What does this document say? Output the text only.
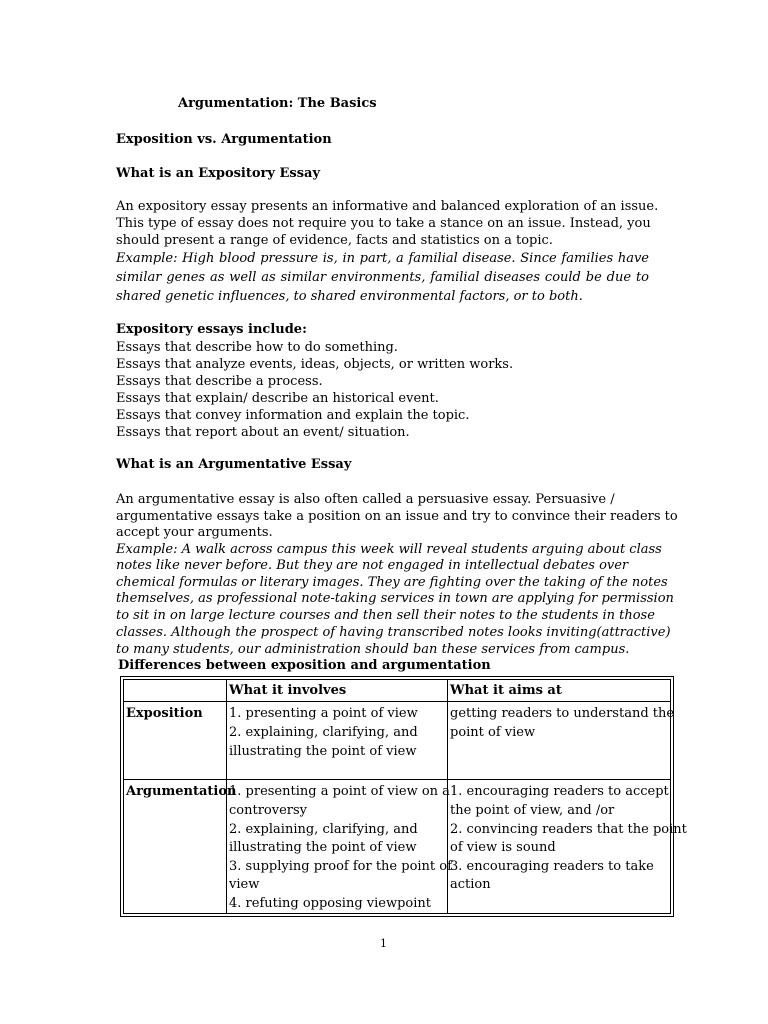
Argumentation: The Basics
Exposition vs. Argumentation
What is an Expository Essay
An expository essay presents an informative and balanced exploration of an issue.
This type of essay does not require you to take a stance on an issue. Instead, you
should present a range of evidence, facts and statistics on a topic.
Example: High blood pressure is, in part, a familial disease. Since families have
similar genes as well as similar environments, familial diseases could be due to
shared genetic influences, to shared environmental factors, or to both.
Expository essays include:
Essays that describe how to do something.
Essays that analyze events, ideas, objects, or written works.
Essays that describe a process.
Essays that explain/ describe an historical event.
Essays that convey information and explain the topic.
Essays that report about an event/ situation.
What is an Argumentative Essay
An argumentative essay is also often called a persuasive essay. Persuasive /
argumentative essays take a position on an issue and try to convince their readers to
accept your arguments.
Example: A walk across campus this week will reveal students arguing about class
notes like never before. But they are not engaged in intellectual debates over
chemical formulas or literary images. They are fighting over the taking of the notes
themselves, as professional note-taking services in town are applying for permission
to sit in on large lecture courses and then sell their notes to the students in those
classes. Although the prospect of having transcribed notes looks inviting(attractive)
to many students, our administration should ban these services from campus.
Differences between exposition and argumentation
What it involves	What it aims at
Exposition 1. presenting a point of view
2. explaining, clarifying, and
illustrating the point of view
getting readers to understand the
point of view
Argumentation
1. presenting a point of view on a
controversy
2. explaining, clarifying, and
illustrating the point of view
3. supplying proof for the point of
view
4. refuting opposing viewpoint
1. encouraging readers to accept
the point of view, and /or
2. convincing readers that the point
of view is sound
3. encouraging readers to take
action
1
